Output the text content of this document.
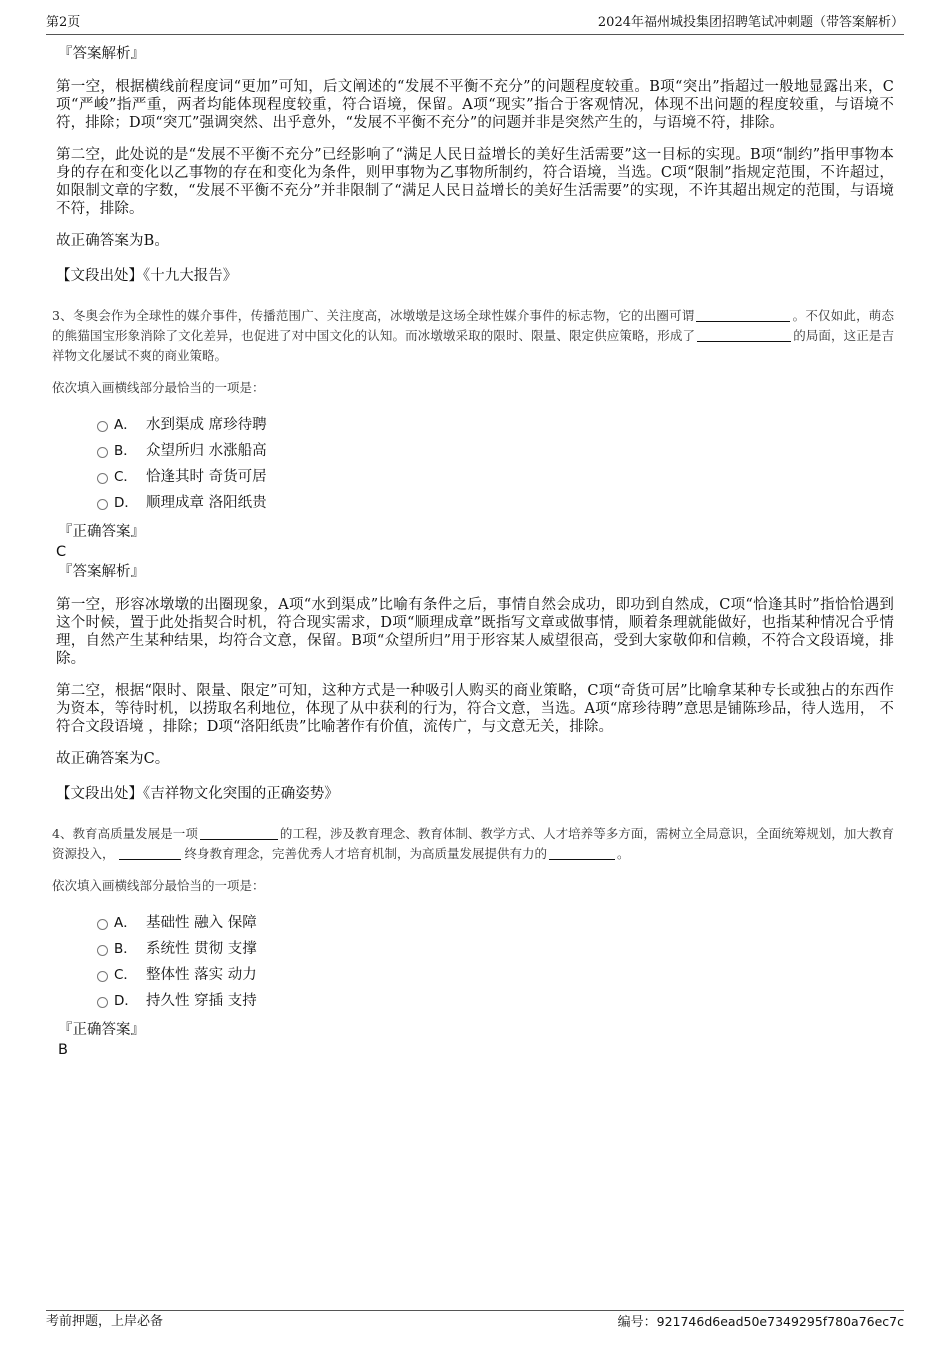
第2页	2024年福州城投集团招聘笔试冲刺题（带答案解析）

『答案解析』

第一空，根据横线前程度词“更加”可知，后文阐述的“发展不平衡不充分”的问题程度较重。B项“突出”指超过一般地显露出来，C项“严峻”指严重，两者均能体现程度较重，符合语境，保留。A项“现实”指合于客观情况，体现不出问题的程度较重，与语境不符，排除；D项“突兀”强调突然、出乎意外，“发展不平衡不充分”的问题并非是突然产生的，与语境不符，排除。

第二空，此处说的是“发展不平衡不充分”已经影响了“满足人民日益增长的美好生活需要”这一目标的实现。B项“制约”指甲事物本身的存在和变化以乙事物的存在和变化为条件，则甲事物为乙事物所制约，符合语境，当选。C项“限制”指规定范围，不许超过，如限制文章的字数，“发展不平衡不充分”并非限制了“满足人民日益增长的美好生活需要”的实现，不许其超出规定的范围，与语境不符，排除。

故正确答案为B。

【文段出处】《十九大报告》

3、冬奥会作为全球性的媒介事件，传播范围广、关注度高，冰墩墩是这场全球性媒介事件的标志物，它的出圈可谓	。不仅如此，萌态的熊猫国宝形象消除了文化差异，也促进了对中国文化的认知。而冰墩墩采取的限时、限量、限定供应策略，形成了	的局面，这正是吉祥物文化屡试不爽的商业策略。

依次填入画横线部分最恰当的一项是：

A． 水到渠成 席珍待聘
B． 众望所归 水涨船高
C． 恰逢其时 奇货可居
D． 顺理成章 洛阳纸贵

『正确答案』

C

『答案解析』

第一空，形容冰墩墩的出圈现象，A项“水到渠成”比喻有条件之后，事情自然会成功，即功到自然成，C项“恰逢其时”指恰恰遇到这个时候，置于此处指契合时机，符合现实需求，D项“顺理成章”既指写文章或做事情，顺着条理就能做好，也指某种情况合乎情理，自然产生某种结果，均符合文意，保留。B项“众望所归”用于形容某人威望很高，受到大家敬仰和信赖，不符合文段语境，排除。

第二空，根据“限时、限量、限定”可知，这种方式是一种吸引人购买的商业策略，C项“奇货可居”比喻拿某种专长或独占的东西作为资本，等待时机，以捞取名利地位，体现了从中获利的行为，符合文意，当选。A项“席珍待聘”意思是铺陈珍品，待人选用， 不符合文段语境 ，排除；D项“洛阳纸贵”比喻著作有价值，流传广，与文意无关，排除。

故正确答案为C。

【文段出处】《吉祥物文化突围的正确姿势》

4、教育高质量发展是一项	的工程，涉及教育理念、教育体制、教学方式、人才培养等多方面，需树立全局意识，全面统筹规划，加大教育资源投入，	终身教育理念，完善优秀人才培育机制，为高质量发展提供有力的	。

依次填入画横线部分最恰当的一项是：

A． 基础性 融入 保障
B． 系统性 贯彻 支撑
C． 整体性 落实 动力
D． 持久性 穿插 支持

『正确答案』

B

考前押题，上岸必备	编号：921746d6ead50e7349295f780a76ec7c
